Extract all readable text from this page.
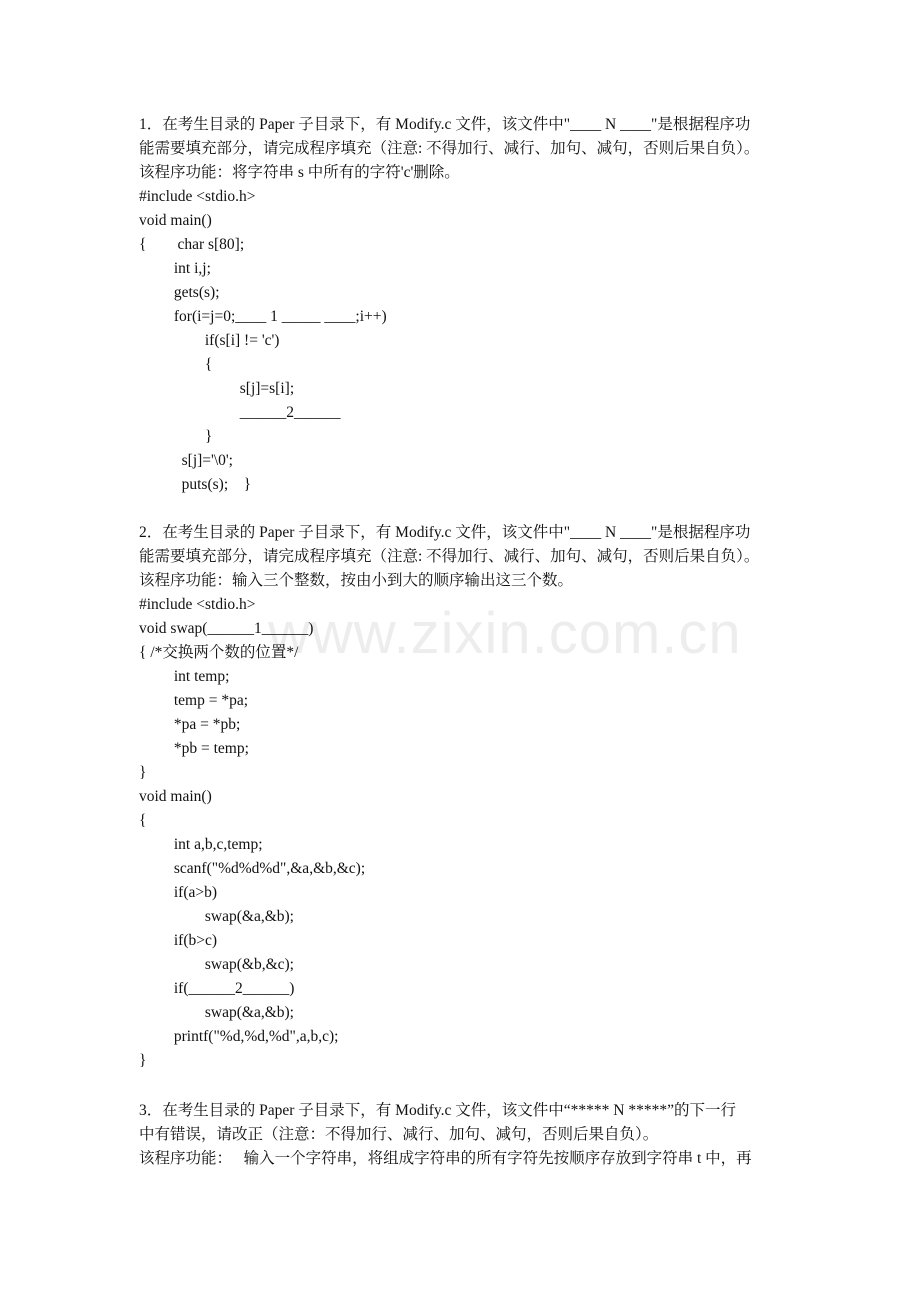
www.zixin.com.cn
1．在考生目录的 Paper 子目录下，有 Modify.c 文件，该文件中"____ N ____"是根据程序功
能需要填充部分，请完成程序填充（注意: 不得加行、减行、加句、减句，否则后果自负）。
该程序功能：将字符串 s 中所有的字符'c'删除。
#include <stdio.h>
void main()
{        char s[80];
int i,j;
gets(s);
for(i=j=0;____ 1 _____ ____;i++)
if(s[i] != 'c')
{
s[j]=s[i];
______2______
}
s[j]='\0';
puts(s);    }
2．在考生目录的 Paper 子目录下，有 Modify.c 文件，该文件中"____ N ____"是根据程序功
能需要填充部分，请完成程序填充（注意: 不得加行、减行、加句、减句，否则后果自负）。
该程序功能：输入三个整数，按由小到大的顺序输出这三个数。
#include <stdio.h>
void swap(______1______)
{ /*交换两个数的位置*/
int temp;
temp = *pa;
*pa = *pb;
*pb = temp;
}
void main()
{
int a,b,c,temp;
scanf("%d%d%d",&a,&b,&c);
if(a>b)
swap(&a,&b);
if(b>c)
swap(&b,&c);
if(______2______)
swap(&a,&b);
printf("%d,%d,%d",a,b,c);
}
3．在考生目录的 Paper 子目录下，有 Modify.c 文件，该文件中“***** N *****”的下一行
中有错误，请改正（注意：不得加行、减行、加句、减句，否则后果自负）。
该程序功能：   输入一个字符串，将组成字符串的所有字符先按顺序存放到字符串 t 中，再
